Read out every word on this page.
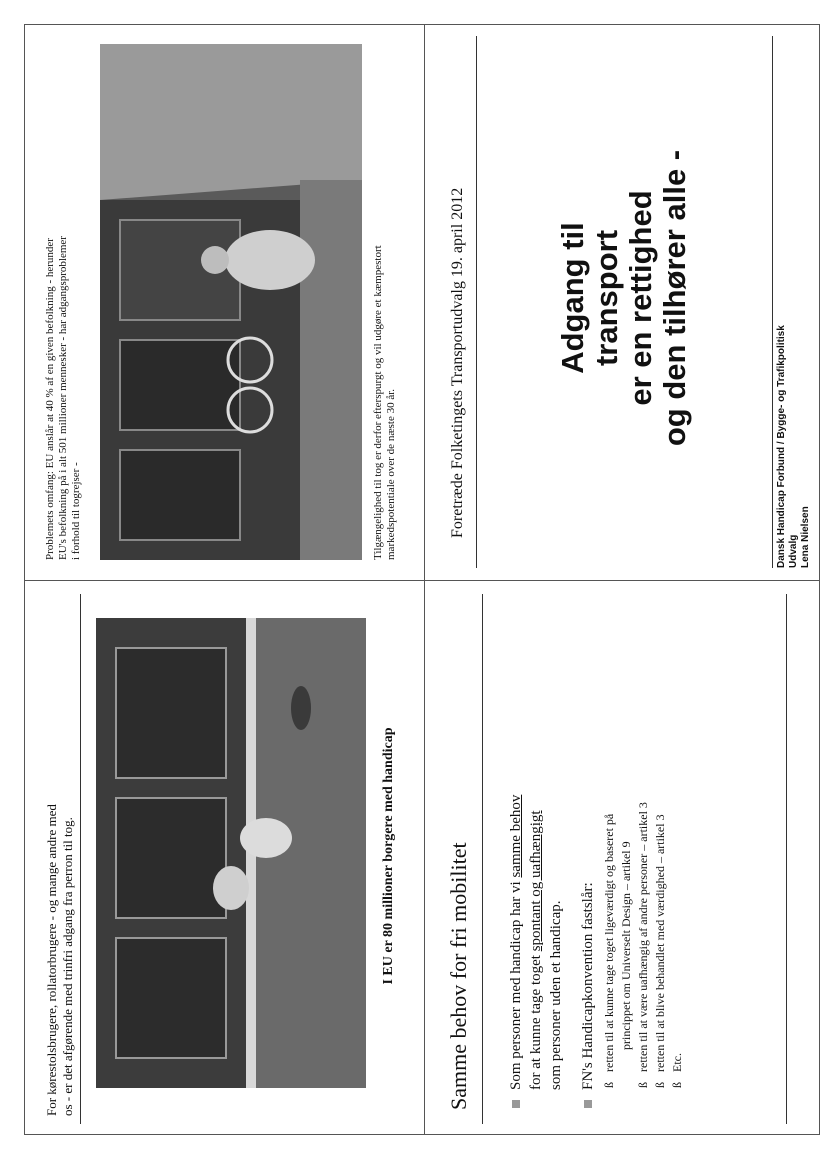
Foretræde Folketingets Transportudvalg 19. april 2012	Adgang til transport er en rettighed og den tilhører alle -
Dansk Handicap Forbund / Bygge- og Trafikpolitisk Udvalg Lena Nielsen
Problemets omfang: EU anslår at 40 % af en given befolkning - herunder EU's befolkning på i alt 501 millioner mennesker - har adgangsproblemer i forhold til togrejser -	Tilgængelighed til tog er derfor efterspurgt og vil udgøre et kæmpestort markedspotentiale over de næste 30 år.
Samme behov for fri mobilitet Som personer med handicap har vi samme behov
for at kunne tage toget spontant og uafhængigt
som personer uden et handicap. FN's Handicapkonvention fastslår: ß
retten til at kunne tage toget ligeværdigt og baseret på princippet om Universelt Design – artikel 9
ß
retten til at være uafhængig af andre personer – artikel 3
ß
retten til at blive behandlet med værdighed – artikel 3
ß
Etc.
For kørestolsbrugere, rollatorbrugere - og mange andre med os - er det afgørende med trinfri adgang fra perron til tog.	I EU er 80 millioner borgere med handicap
